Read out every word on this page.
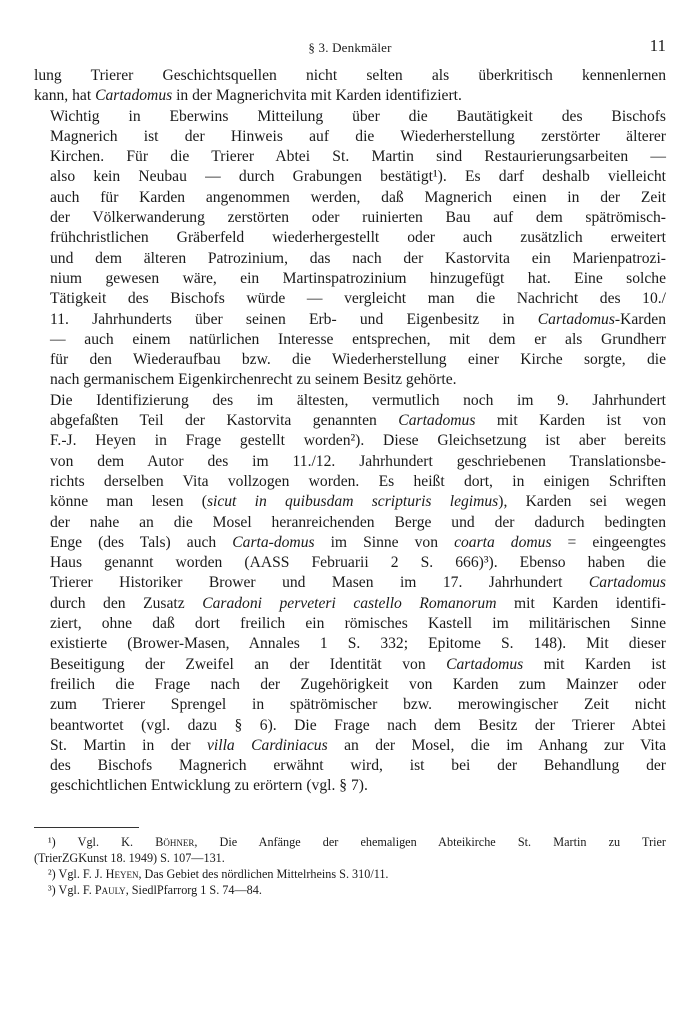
§ 3. Denkmäler	11
lung Trierer Geschichtsquellen nicht selten als überkritisch kennenlernen
kann, hat Cartadomus in der Magnerichvita mit Karden identifiziert.
Wichtig in Eberwins Mitteilung über die Bautätigkeit des Bischofs
Magnerich ist der Hinweis auf die Wiederherstellung zerstörter älterer
Kirchen. Für die Trierer Abtei St. Martin sind Restaurierungsarbeiten —
also kein Neubau — durch Grabungen bestätigt¹). Es darf deshalb vielleicht
auch für Karden angenommen werden, daß Magnerich einen in der Zeit
der Völkerwanderung zerstörten oder ruinierten Bau auf dem spätrömisch-
frühchristlichen Gräberfeld wiederhergestellt oder auch zusätzlich erweitert
und dem älteren Patrozinium, das nach der Kastorvita ein Marienpatrozi-
nium gewesen wäre, ein Martinspatrozinium hinzugefügt hat. Eine solche
Tätigkeit des Bischofs würde — vergleicht man die Nachricht des 10./
11. Jahrhunderts über seinen Erb- und Eigenbesitz in Cartadomus-Karden
— auch einem natürlichen Interesse entsprechen, mit dem er als Grundherr
für den Wiederaufbau bzw. die Wiederherstellung einer Kirche sorgte, die
nach germanischem Eigenkirchenrecht zu seinem Besitz gehörte.
Die Identifizierung des im ältesten, vermutlich noch im 9. Jahrhundert
abgefaßten Teil der Kastorvita genannten Cartadomus mit Karden ist von
F.-J. Heyen in Frage gestellt worden²). Diese Gleichsetzung ist aber bereits
von dem Autor des im 11./12. Jahrhundert geschriebenen Translationsbe-
richts derselben Vita vollzogen worden. Es heißt dort, in einigen Schriften
könne man lesen (sicut in quibusdam scripturis legimus), Karden sei wegen
der nahe an die Mosel heranreichenden Berge und der dadurch bedingten
Enge (des Tals) auch Carta-domus im Sinne von coarta domus = eingeengtes
Haus genannt worden (AASS Februarii 2 S. 666)³). Ebenso haben die
Trierer Historiker Brower und Masen im 17. Jahrhundert Cartadomus
durch den Zusatz Caradoni perveteri castello Romanorum mit Karden identifi-
ziert, ohne daß dort freilich ein römisches Kastell im militärischen Sinne
existierte (Brower-Masen, Annales 1 S. 332; Epitome S. 148). Mit dieser
Beseitigung der Zweifel an der Identität von Cartadomus mit Karden ist
freilich die Frage nach der Zugehörigkeit von Karden zum Mainzer oder
zum Trierer Sprengel in spätrömischer bzw. merowingischer Zeit nicht
beantwortet (vgl. dazu § 6). Die Frage nach dem Besitz der Trierer Abtei
St. Martin in der villa Cardiniacus an der Mosel, die im Anhang zur Vita
des Bischofs Magnerich erwähnt wird, ist bei der Behandlung der
geschichtlichen Entwicklung zu erörtern (vgl. § 7).
¹) Vgl. K. Böhner, Die Anfänge der ehemaligen Abteikirche St. Martin zu Trier
(TrierZGKunst 18. 1949) S. 107—131.
²) Vgl. F. J. Heyen, Das Gebiet des nördlichen Mittelrheins S. 310/11.
³) Vgl. F. Pauly, SiedlPfarrorg 1 S. 74—84.
